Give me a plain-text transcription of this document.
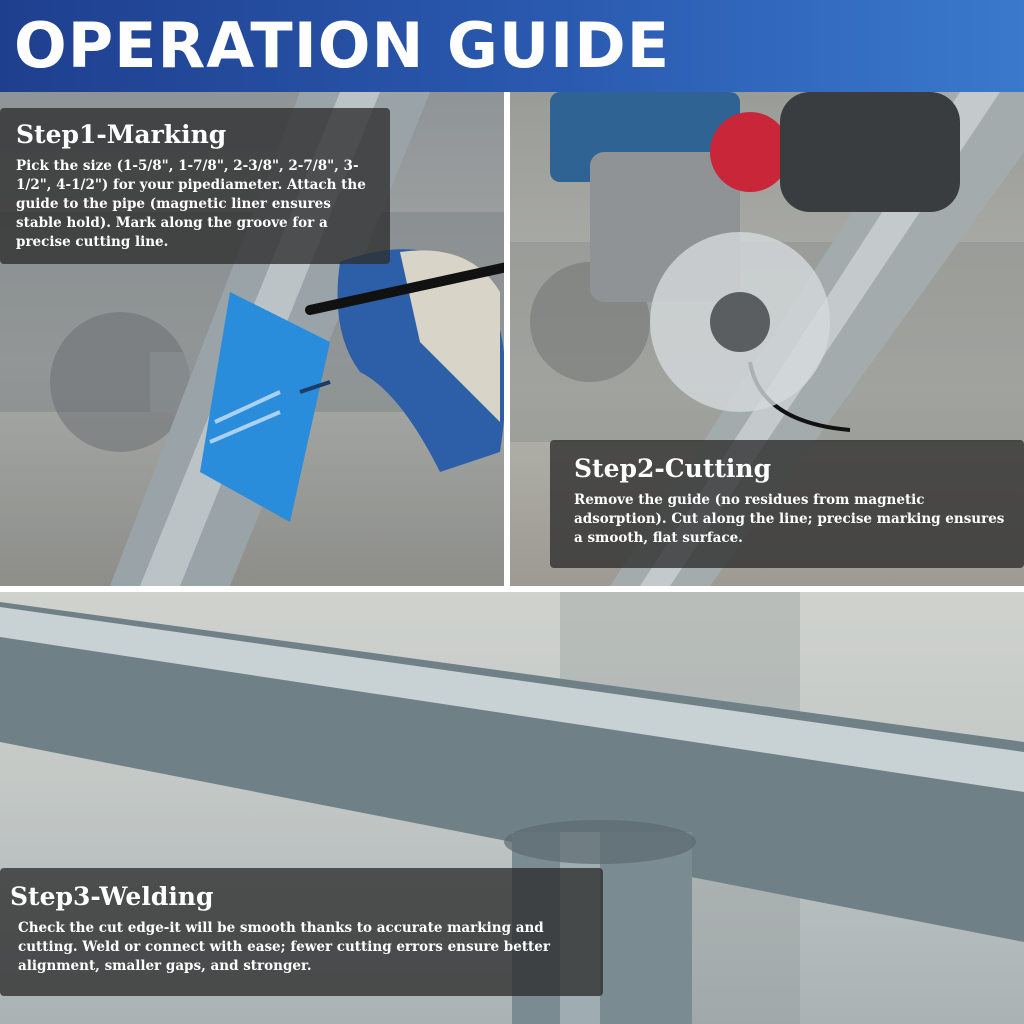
OPERATION GUIDE
Step1-Marking

Pick the size (1-5/8", 1-7/8", 2-3/8", 2-7/8", 3-1/2", 4-1/2") for your pipediameter. Attach the guide to the pipe (magnetic liner ensures stable hold). Mark along the groove for a precise cutting line.

Step2-Cutting

Remove the guide (no residues from magnetic adsorption). Cut along the line; precise marking ensures a smooth, flat surface.

Step3-Welding

Check the cut edge-it will be smooth thanks to accurate marking and cutting. Weld or connect with ease; fewer cutting errors ensure better alignment, smaller gaps, and stronger.
